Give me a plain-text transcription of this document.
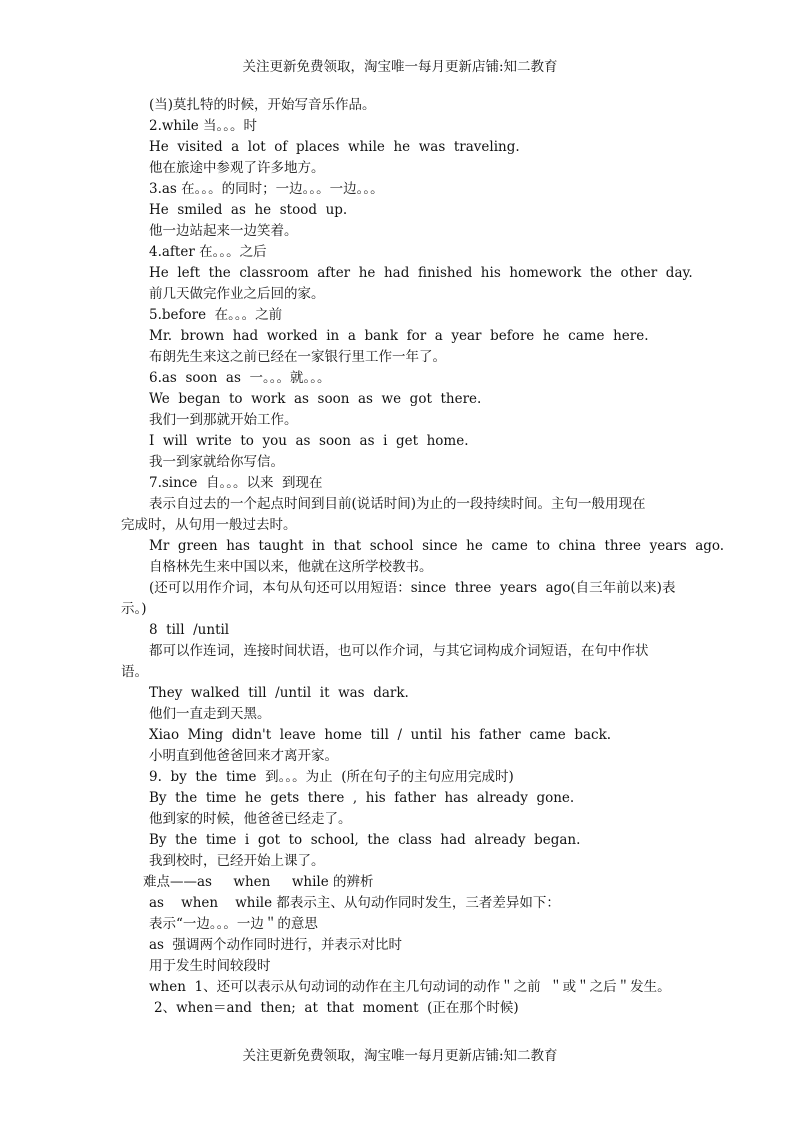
关注更新免费领取，淘宝唯一每月更新店铺:知二教育
(当)莫扎特的时候，开始写音乐作品。
2.while 当。。。时
He  visited  a  lot  of  places  while  he  was  traveling.
他在旅途中参观了许多地方。
3.as 在。。。的同时；一边。。。一边。。。
He  smiled  as  he  stood  up.
他一边站起来一边笑着。
4.after 在。。。之后
He  left  the  classroom  after  he  had  finished  his  homework  the  other  day.
前几天做完作业之后回的家。
5.before  在。。。之前
Mr.  brown  had  worked  in  a  bank  for  a  year  before  he  came  here.
布朗先生来这之前已经在一家银行里工作一年了。
6.as  soon  as  一。。。就。。。
We  began  to  work  as  soon  as  we  got  there.
我们一到那就开始工作。
I  will  write  to  you  as  soon  as  i  get  home.
我一到家就给你写信。
7.since  自。。。以来  到现在
表示自过去的一个起点时间到目前(说话时间)为止的一段持续时间。主句一般用现在
完成时，从句用一般过去时。
Mr  green  has  taught  in  that  school  since  he  came  to  china  three  years  ago.
自格林先生来中国以来，他就在这所学校教书。
(还可以用作介词，本句从句还可以用短语：since  three  years  ago(自三年前以来)表
示。)
8  till  /until
都可以作连词，连接时间状语，也可以作介词，与其它词构成介词短语，在句中作状
语。
They  walked  till  /until  it  was  dark.
他们一直走到天黑。
Xiao  Ming  didn't  leave  home  till  /  until  his  father  came  back.
小明直到他爸爸回来才离开家。
9.  by  the  time  到。。。为止  (所在句子的主句应用完成时)
By  the  time  he  gets  there  ,  his  father  has  already  gone.
他到家的时候，他爸爸已经走了。
By  the  time  i  got  to  school,  the  class  had  already  began.
我到校时，已经开始上课了。
难点——as     when     while 的辨析
as    when    while 都表示主、从句动作同时发生，三者差异如下：
表示“一边。。。一边＂的意思
as  强调两个动作同时进行，并表示对比时
用于发生时间较段时
when  1、还可以表示从句动词的动作在主几句动词的动作＂之前  ＂或＂之后＂发生。
2、when＝and  then;  at  that  moment  (正在那个时候)
关注更新免费领取，淘宝唯一每月更新店铺:知二教育
